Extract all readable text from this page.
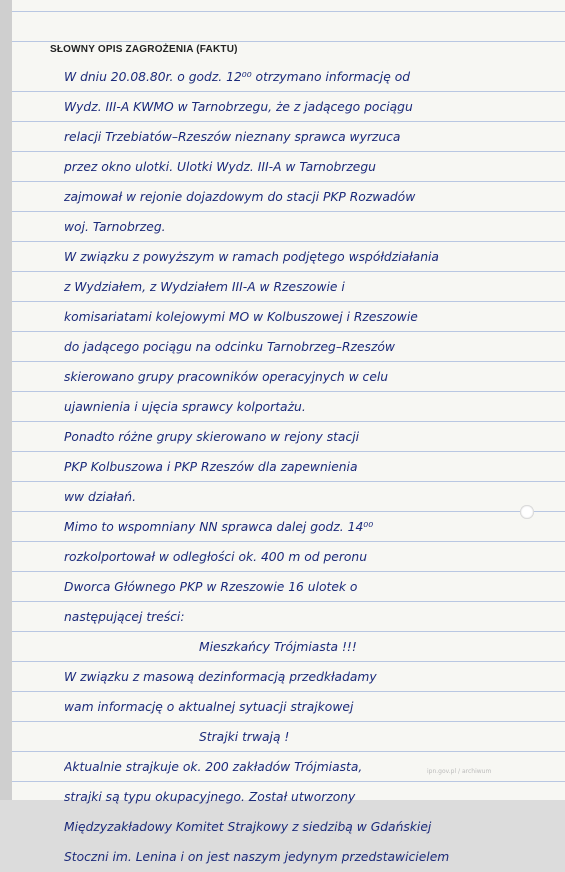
SŁOWNY OPIS ZAGROŻENIA (FAKTU)
W dniu 20.08.80r. o godz. 12⁰⁰ otrzymano informację od
Wydz. III-A KWMO w Tarnobrzegu, że z jadącego pociągu
relacji Trzebiatów–Rzeszów nieznany sprawca wyrzuca
przez okno ulotki. Ulotki Wydz. III-A w Tarnobrzegu
zajmował w rejonie dojazdowym do stacji PKP Rozwadów
woj. Tarnobrzeg.
W związku z powyższym w ramach podjętego współdziałania
z Wydziałem, z Wydziałem III-A w Rzeszowie i
komisariatami kolejowymi MO w Kolbuszowej i Rzeszowie
do jadącego pociągu na odcinku Tarnobrzeg–Rzeszów
skierowano grupy pracowników operacyjnych w celu
ujawnienia i ujęcia sprawcy kolportażu.
Ponadto różne grupy skierowano w rejony stacji
PKP Kolbuszowa i PKP Rzeszów dla zapewnienia
ww działań.
Mimo to wspomniany NN sprawca dalej godz. 14⁰⁰
rozkolportował w odległości ok. 400 m od peronu
Dworca Głównego PKP w Rzeszowie 16 ulotek o
następującej treści:
Mieszkańcy Trójmiasta !!!
W związku z masową dezinformacją przedkładamy
wam informację o aktualnej sytuacji strajkowej
Strajki trwają !
Aktualnie strajkuje ok. 200 zakładów Trójmiasta,
strajki są typu okupacyjnego. Został utworzony
Międzyzakładowy Komitet Strajkowy z siedzibą w Gdańskiej
Stoczni im. Lenina i on jest naszym jedynym przedstawicielem
ipn.gov.pl / archiwum
